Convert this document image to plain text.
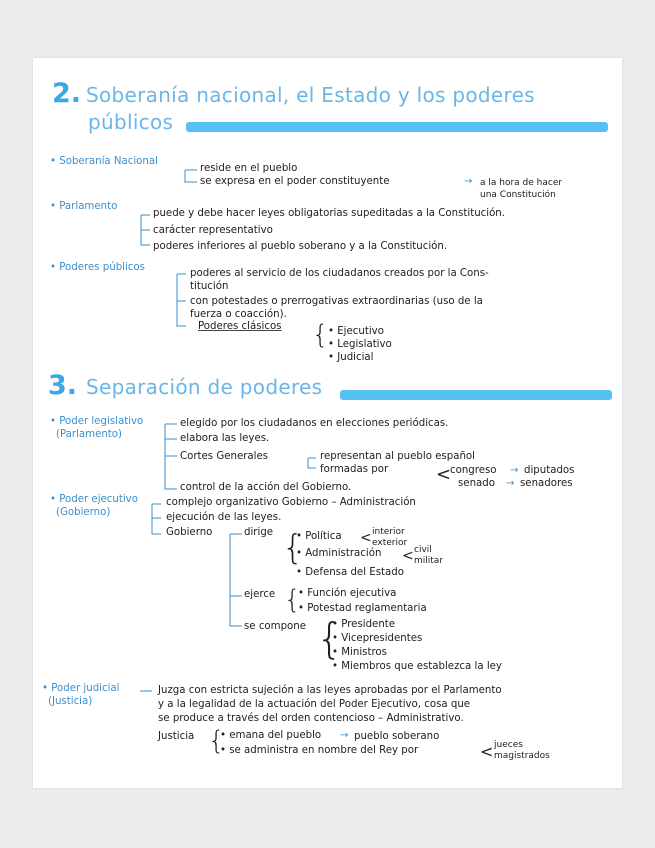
2. Soberanía nacional, el Estado y los poderes
públicos
• Soberanía Nacional
reside en el pueblo
se expresa en el poder constituyente	→ a la hora de hacer
una Constitución
• Parlamento
puede y debe hacer leyes obligatorias supeditadas a la Constitución.
carácter representativo
poderes inferiores al pueblo soberano y a la Constitución.
• Poderes públicos
poderes al servicio de los ciudadanos creados por la Cons-
titución
con potestades o prerrogativas extraordinarias (uso de la
fuerza o coacción).
Poderes clásicos { • Ejecutivo
• Legislativo
• Judicial
3. Separación de poderes
• Poder legislativo
(Parlamento)
elegido por los ciudadanos en elecciones periódicas.
elabora las leyes.
Cortes Generales	representan al pueblo español
formadas por	<
congreso → diputados
senado → senadores
control de la acción del Gobierno.
• Poder ejecutivo
(Gobierno)
complejo organizativo Gobierno – Administración
ejecución de las leyes.
Gobierno	dirige {
• Política < interior
exterior
• Administración < civil
militar
• Defensa del Estado
ejerce {
• Función ejecutiva
• Potestad reglamentaria
se compone {
• Presidente
• Vicepresidentes
• Ministros
• Miembros que establezca la ley
• Poder judicial
(Justicia)
Juzga con estricta sujeción a las leyes aprobadas por el Parlamento
y a la legalidad de la actuación del Poder Ejecutivo, cosa que
se produce a través del orden contencioso – Administrativo.
Justicia {
• emana del pueblo → pueblo soberano
• se administra en nombre del Rey por	< jueces
magistrados
